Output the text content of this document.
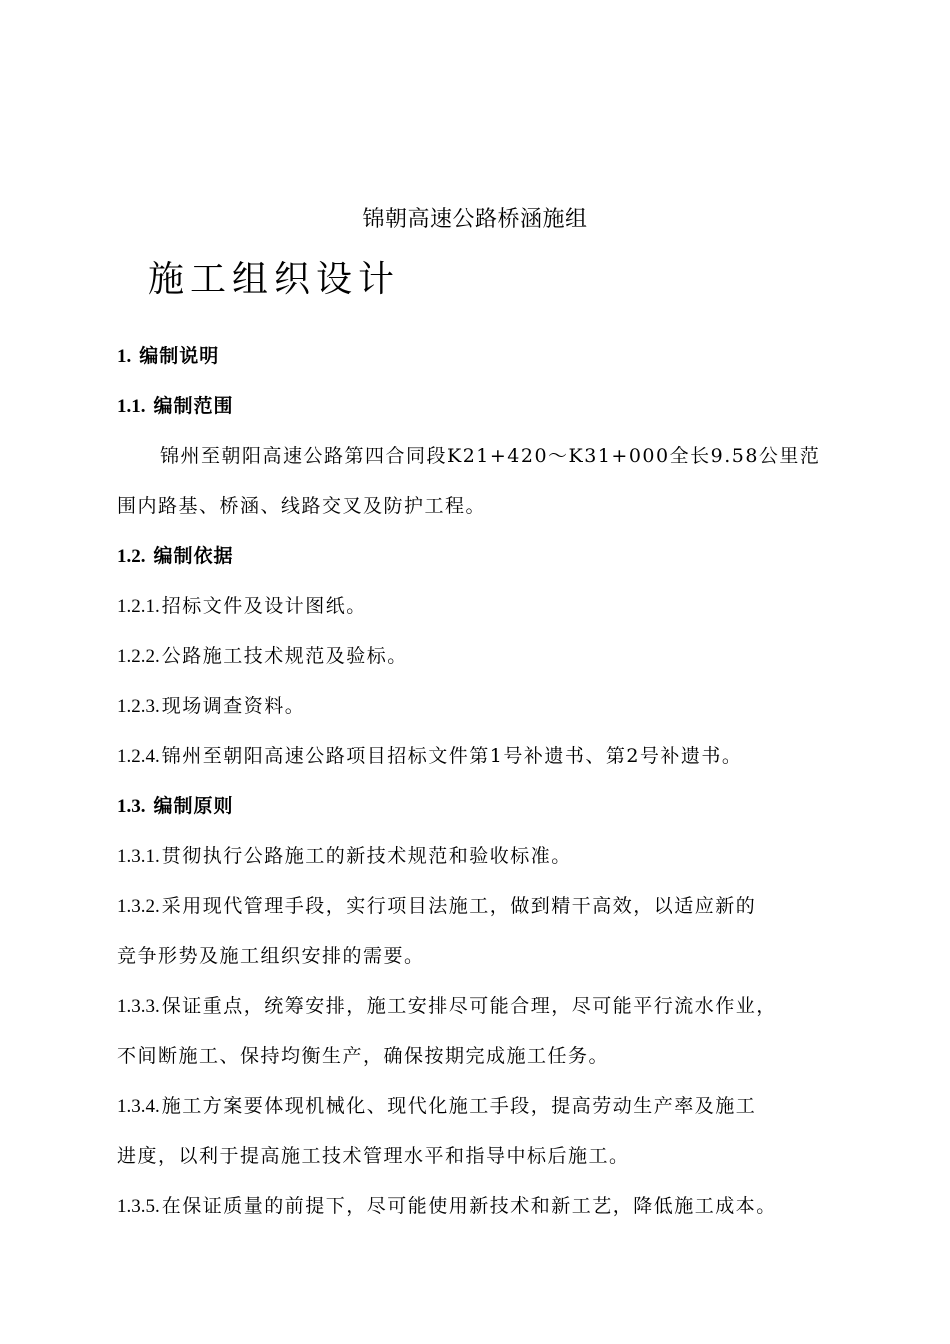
锦朝高速公路桥涵施组
施工组织设计
1. 编制说明
1.1. 编制范围
锦州至朝阳高速公路第四合同段K21+420～K31+000全长9.58公里范
围内路基、桥涵、线路交叉及防护工程。
1.2. 编制依据
1.2.1. 招标文件及设计图纸。
1.2.2. 公路施工技术规范及验标。
1.2.3. 现场调查资料。
1.2.4. 锦州至朝阳高速公路项目招标文件第1号补遗书、第2号补遗书。
1.3. 编制原则
1.3.1. 贯彻执行公路施工的新技术规范和验收标准。
1.3.2. 采用现代管理手段，实行项目法施工，做到精干高效，以适应新的
竞争形势及施工组织安排的需要。
1.3.3. 保证重点，统筹安排，施工安排尽可能合理，尽可能平行流水作业，
不间断施工、保持均衡生产，确保按期完成施工任务。
1.3.4. 施工方案要体现机械化、现代化施工手段，提高劳动生产率及施工
进度，以利于提高施工技术管理水平和指导中标后施工。
1.3.5. 在保证质量的前提下，尽可能使用新技术和新工艺，降低施工成本。
